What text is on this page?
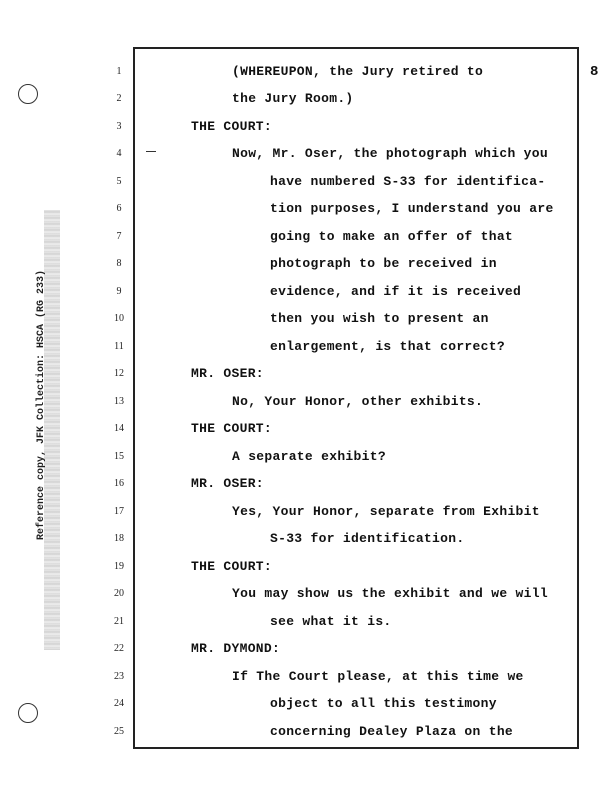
Reference copy, JFK Collection: HSCA (RG 233)
8
1
2
3
4
5
6
7
8
9
10
11
12
13
14
15
16
17
18
19
20
21
22
23
24
25
(WHEREUPON, the Jury retired to
the Jury Room.)
THE COURT:
Now, Mr. Oser, the photograph which you
have numbered S-33 for identifica-
tion purposes, I understand you are
going to make an offer of that
photograph to be received in
evidence, and if it is received
then you wish to present an
enlargement, is that correct?
MR. OSER:
No, Your Honor, other exhibits.
THE COURT:
A separate exhibit?
MR. OSER:
Yes, Your Honor, separate from Exhibit
S-33 for identification.
THE COURT:
You may show us the exhibit and we will
see what it is.
MR. DYMOND:
If The Court please, at this time we
object to all this testimony
concerning Dealey Plaza on the
